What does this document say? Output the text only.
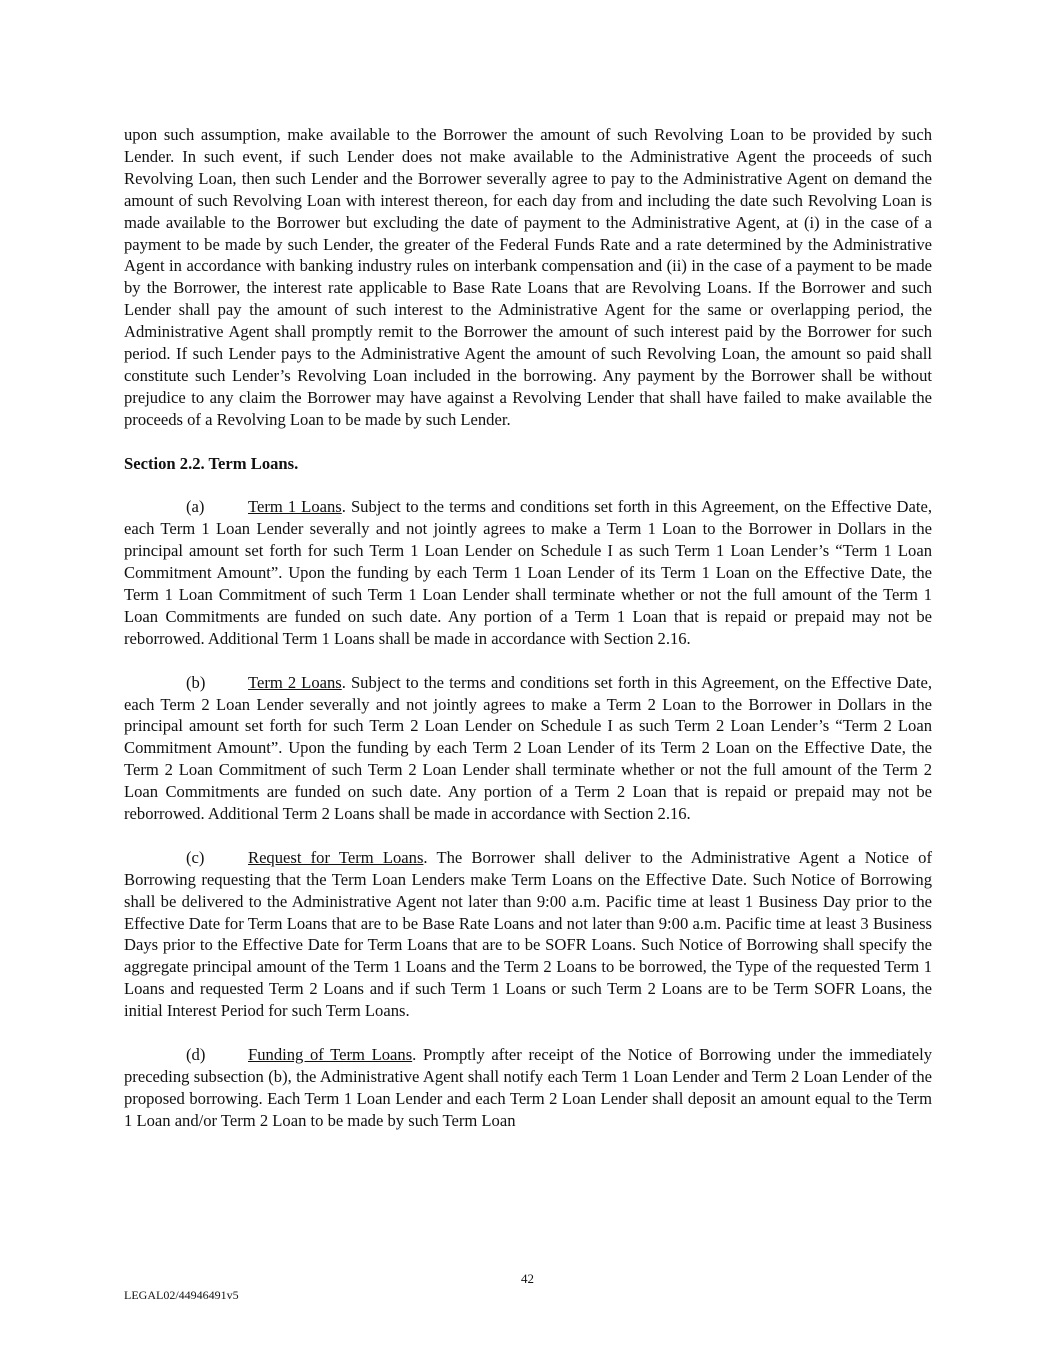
upon such assumption, make available to the Borrower the amount of such Revolving Loan to be provided by such Lender. In such event, if such Lender does not make available to the Administrative Agent the proceeds of such Revolving Loan, then such Lender and the Borrower severally agree to pay to the Administrative Agent on demand the amount of such Revolving Loan with interest thereon, for each day from and including the date such Revolving Loan is made available to the Borrower but excluding the date of payment to the Administrative Agent, at (i) in the case of a payment to be made by such Lender, the greater of the Federal Funds Rate and a rate determined by the Administrative Agent in accordance with banking industry rules on interbank compensation and (ii) in the case of a payment to be made by the Borrower, the interest rate applicable to Base Rate Loans that are Revolving Loans. If the Borrower and such Lender shall pay the amount of such interest to the Administrative Agent for the same or overlapping period, the Administrative Agent shall promptly remit to the Borrower the amount of such interest paid by the Borrower for such period. If such Lender pays to the Administrative Agent the amount of such Revolving Loan, the amount so paid shall constitute such Lender’s Revolving Loan included in the borrowing. Any payment by the Borrower shall be without prejudice to any claim the Borrower may have against a Revolving Lender that shall have failed to make available the proceeds of a Revolving Loan to be made by such Lender.

Section 2.2. Term Loans.

(a)	Term 1 Loans. Subject to the terms and conditions set forth in this Agreement, on the Effective Date, each Term 1 Loan Lender severally and not jointly agrees to make a Term 1 Loan to the Borrower in Dollars in the principal amount set forth for such Term 1 Loan Lender on Schedule I as such Term 1 Loan Lender’s “Term 1 Loan Commitment Amount”. Upon the funding by each Term 1 Loan Lender of its Term 1 Loan on the Effective Date, the Term 1 Loan Commitment of such Term 1 Loan Lender shall terminate whether or not the full amount of the Term 1 Loan Commitments are funded on such date. Any portion of a Term 1 Loan that is repaid or prepaid may not be reborrowed. Additional Term 1 Loans shall be made in accordance with Section 2.16.

(b)	Term 2 Loans. Subject to the terms and conditions set forth in this Agreement, on the Effective Date, each Term 2 Loan Lender severally and not jointly agrees to make a Term 2 Loan to the Borrower in Dollars in the principal amount set forth for such Term 2 Loan Lender on Schedule I as such Term 2 Loan Lender’s “Term 2 Loan Commitment Amount”. Upon the funding by each Term 2 Loan Lender of its Term 2 Loan on the Effective Date, the Term 2 Loan Commitment of such Term 2 Loan Lender shall terminate whether or not the full amount of the Term 2 Loan Commitments are funded on such date. Any portion of a Term 2 Loan that is repaid or prepaid may not be reborrowed. Additional Term 2 Loans shall be made in accordance with Section 2.16.

(c)	Request for Term Loans. The Borrower shall deliver to the Administrative Agent a Notice of Borrowing requesting that the Term Loan Lenders make Term Loans on the Effective Date. Such Notice of Borrowing shall be delivered to the Administrative Agent not later than 9:00 a.m. Pacific time at least 1 Business Day prior to the Effective Date for Term Loans that are to be Base Rate Loans and not later than 9:00 a.m. Pacific time at least 3 Business Days prior to the Effective Date for Term Loans that are to be SOFR Loans. Such Notice of Borrowing shall specify the aggregate principal amount of the Term 1 Loans and the Term 2 Loans to be borrowed, the Type of the requested Term 1 Loans and requested Term 2 Loans and if such Term 1 Loans or such Term 2 Loans are to be Term SOFR Loans, the initial Interest Period for such Term Loans.

(d)	Funding of Term Loans. Promptly after receipt of the Notice of Borrowing under the immediately preceding subsection (b), the Administrative Agent shall notify each Term 1 Loan Lender and Term 2 Loan Lender of the proposed borrowing. Each Term 1 Loan Lender and each Term 2 Loan Lender shall deposit an amount equal to the Term 1 Loan and/or Term 2 Loan to be made by such Term Loan

42
LEGAL02/44946491v5
